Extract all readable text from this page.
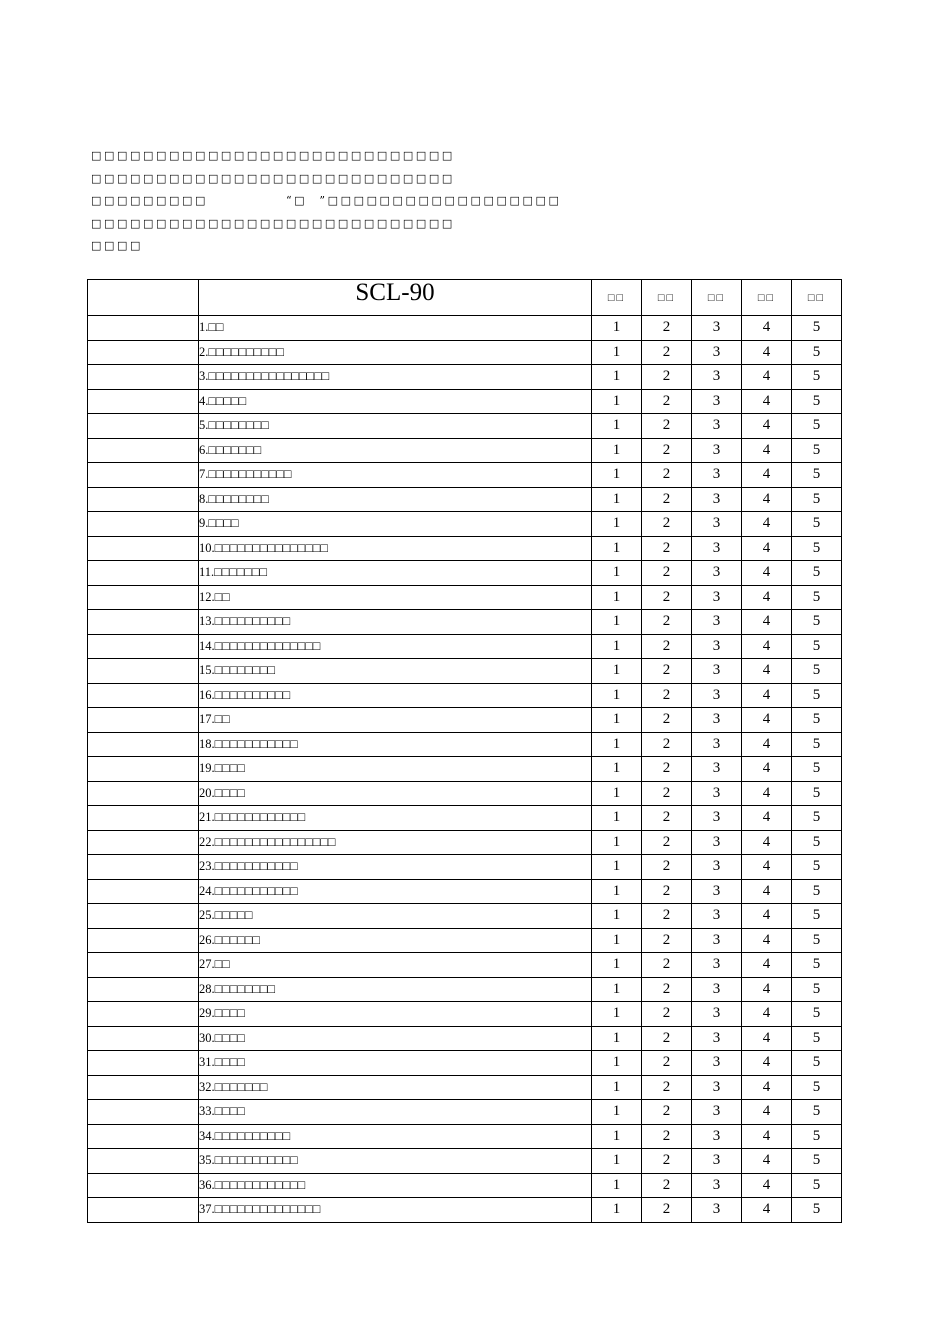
□□□□□□□□□□□□□□□□□□□□□□□□□□□□
□□□□□□□□□□□□□□□□□□□□□□□□□□□□
□□□□□□□□□	“□  ”□□□□□□□□□□□□□□□□□□
□□□□□□□□□□□□□□□□□□□□□□□□□□□□
□□□□
	SCL-90	□□	□□	□□	□□	□□
	1.□□	1	2	3	4	5
	2.□□□□□□□□□□	1	2	3	4	5
	3.□□□□□□□□□□□□□□□□	1	2	3	4	5
	4.□□□□□	1	2	3	4	5
	5.□□□□□□□□	1	2	3	4	5
	6.□□□□□□□	1	2	3	4	5
	7.□□□□□□□□□□□	1	2	3	4	5
	8.□□□□□□□□	1	2	3	4	5
	9.□□□□	1	2	3	4	5
	10.□□□□□□□□□□□□□□□	1	2	3	4	5
	11.□□□□□□□	1	2	3	4	5
	12.□□	1	2	3	4	5
	13.□□□□□□□□□□	1	2	3	4	5
	14.□□□□□□□□□□□□□□	1	2	3	4	5
	15.□□□□□□□□	1	2	3	4	5
	16.□□□□□□□□□□	1	2	3	4	5
	17.□□	1	2	3	4	5
	18.□□□□□□□□□□□	1	2	3	4	5
	19.□□□□	1	2	3	4	5
	20.□□□□	1	2	3	4	5
	21.□□□□□□□□□□□□	1	2	3	4	5
	22.□□□□□□□□□□□□□□□□	1	2	3	4	5
	23.□□□□□□□□□□□	1	2	3	4	5
	24.□□□□□□□□□□□	1	2	3	4	5
	25.□□□□□	1	2	3	4	5
	26.□□□□□□	1	2	3	4	5
	27.□□	1	2	3	4	5
	28.□□□□□□□□	1	2	3	4	5
	29.□□□□	1	2	3	4	5
	30.□□□□	1	2	3	4	5
	31.□□□□	1	2	3	4	5
	32.□□□□□□□	1	2	3	4	5
	33.□□□□	1	2	3	4	5
	34.□□□□□□□□□□	1	2	3	4	5
	35.□□□□□□□□□□□	1	2	3	4	5
	36.□□□□□□□□□□□□	1	2	3	4	5
	37.□□□□□□□□□□□□□□	1	2	3	4	5
